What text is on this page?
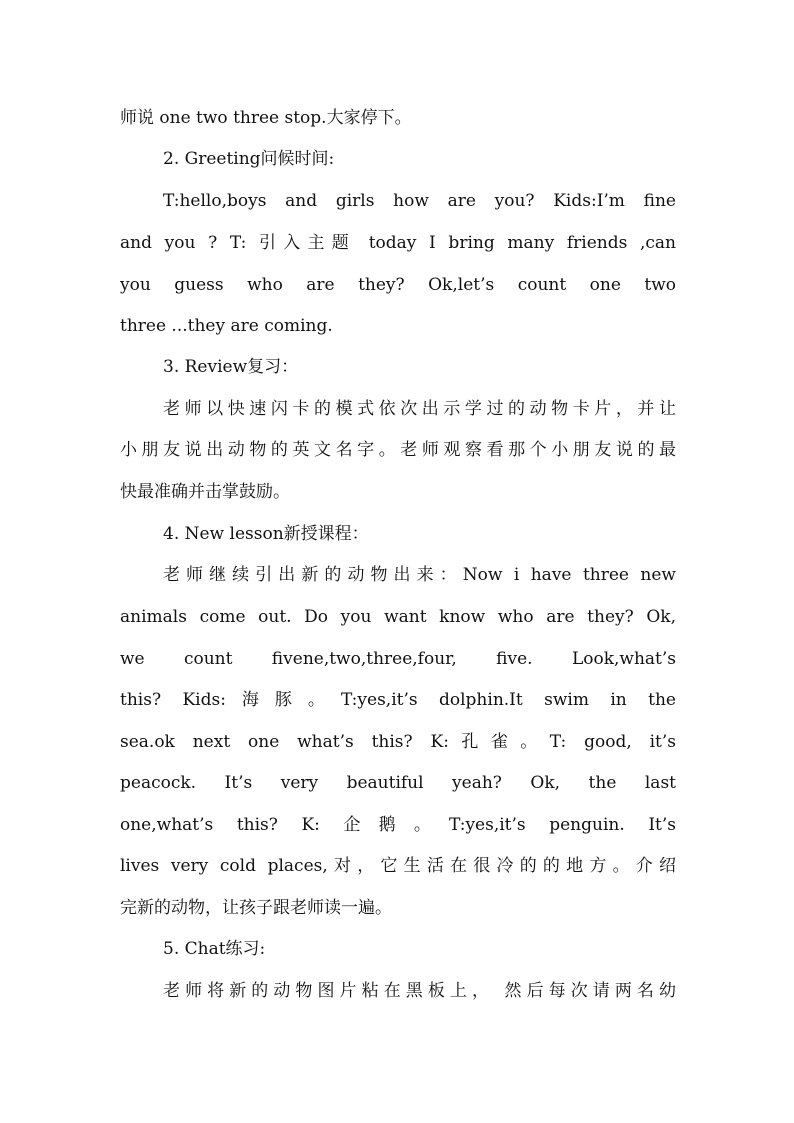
师说 one two three stop.大家停下。
2. Greeting问候时间:
T:hello,boys and girls how are you? Kids:I’m fine
and you ? T: 引入主题 today I bring many friends ,can
you guess who are they? Ok,let’s count one two
three ...they are coming.
3. Review复习：
老师以快速闪卡的模式依次出示学过的动物卡片，并让
小朋友说出动物的英文名字。老师观察看那个小朋友说的最
快最准确并击掌鼓励。
4. New lesson新授课程：
老师继续引出新的动物出来：Now i have three new
animals come out. Do you want know who are they? Ok,
we count fivene,two,three,four, five. Look,what’s
this? Kids:海豚。T:yes,it’s dolphin.It swim in the
sea.ok next one what’s this? K:孔雀。T: good, it’s
peacock. It’s very beautiful yeah? Ok, the last
one,what’s this? K: 企鹅。T:yes,it’s penguin. It’s
lives very cold places,对，它生活在很冷的的地方。介绍
完新的动物，让孩子跟老师读一遍。
5. Chat练习:
老师将新的动物图片粘在黑板上， 然后每次请两名幼
